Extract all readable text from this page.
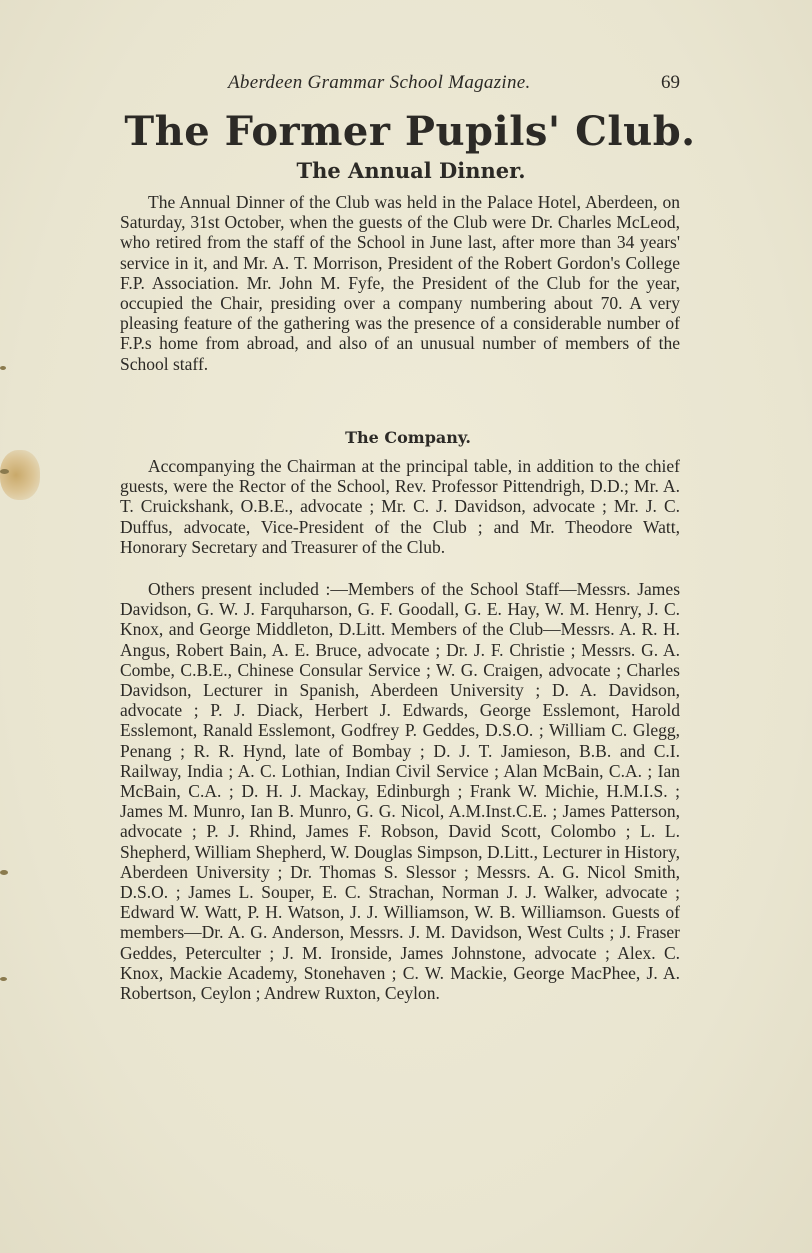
Aberdeen Grammar School Magazine.	69
The Former Pupils' Club.
The Annual Dinner.

The Annual Dinner of the Club was held in the Palace Hotel, Aberdeen, on Saturday, 31st October, when the guests of the Club were Dr. Charles McLeod, who retired from the staff of the School in June last, after more than 34 years' service in it, and Mr. A. T. Morrison, President of the Robert Gordon's College F.P. Association. Mr. John M. Fyfe, the President of the Club for the year, occupied the Chair, presiding over a company numbering about 70. A very pleasing feature of the gathering was the presence of a considerable number of F.P.s home from abroad, and also of an unusual number of members of the School staff.

The Company.

Accompanying the Chairman at the principal table, in addition to the chief guests, were the Rector of the School, Rev. Professor Pittendrigh, D.D.; Mr. A. T. Cruickshank, O.B.E., advocate ; Mr. C. J. Davidson, advocate ; Mr. J. C. Duffus, advocate, Vice-President of the Club ; and Mr. Theodore Watt, Honorary Secretary and Treasurer of the Club.

Others present included :—Members of the School Staff—Messrs. James Davidson, G. W. J. Farquharson, G. F. Goodall, G. E. Hay, W. M. Henry, J. C. Knox, and George Middleton, D.Litt. Members of the Club—Messrs. A. R. H. Angus, Robert Bain, A. E. Bruce, advocate ; Dr. J. F. Christie ; Messrs. G. A. Combe, C.B.E., Chinese Consular Service ; W. G. Craigen, advocate ; Charles Davidson, Lecturer in Spanish, Aberdeen University ; D. A. Davidson, advocate ; P. J. Diack, Herbert J. Edwards, George Esslemont, Harold Esslemont, Ranald Esslemont, Godfrey P. Geddes, D.S.O. ; William C. Glegg, Penang ; R. R. Hynd, late of Bombay ; D. J. T. Jamieson, B.B. and C.I. Railway, India ; A. C. Lothian, Indian Civil Service ; Alan McBain, C.A. ; Ian McBain, C.A. ; D. H. J. Mackay, Edinburgh ; Frank W. Michie, H.M.I.S. ; James M. Munro, Ian B. Munro, G. G. Nicol, A.M.Inst.C.E. ; James Patterson, advocate ; P. J. Rhind, James F. Robson, David Scott, Colombo ; L. L. Shepherd, William Shepherd, W. Douglas Simpson, D.Litt., Lecturer in History, Aberdeen University ; Dr. Thomas S. Slessor ; Messrs. A. G. Nicol Smith, D.S.O. ; James L. Souper, E. C. Strachan, Norman J. J. Walker, advocate ; Edward W. Watt, P. H. Watson, J. J. Williamson, W. B. Williamson. Guests of members—Dr. A. G. Anderson, Messrs. J. M. Davidson, West Cults ; J. Fraser Geddes, Peterculter ; J. M. Ironside, James Johnstone, advocate ; Alex. C. Knox, Mackie Academy, Stonehaven ; C. W. Mackie, George MacPhee, J. A. Robertson, Ceylon ; Andrew Ruxton, Ceylon.
